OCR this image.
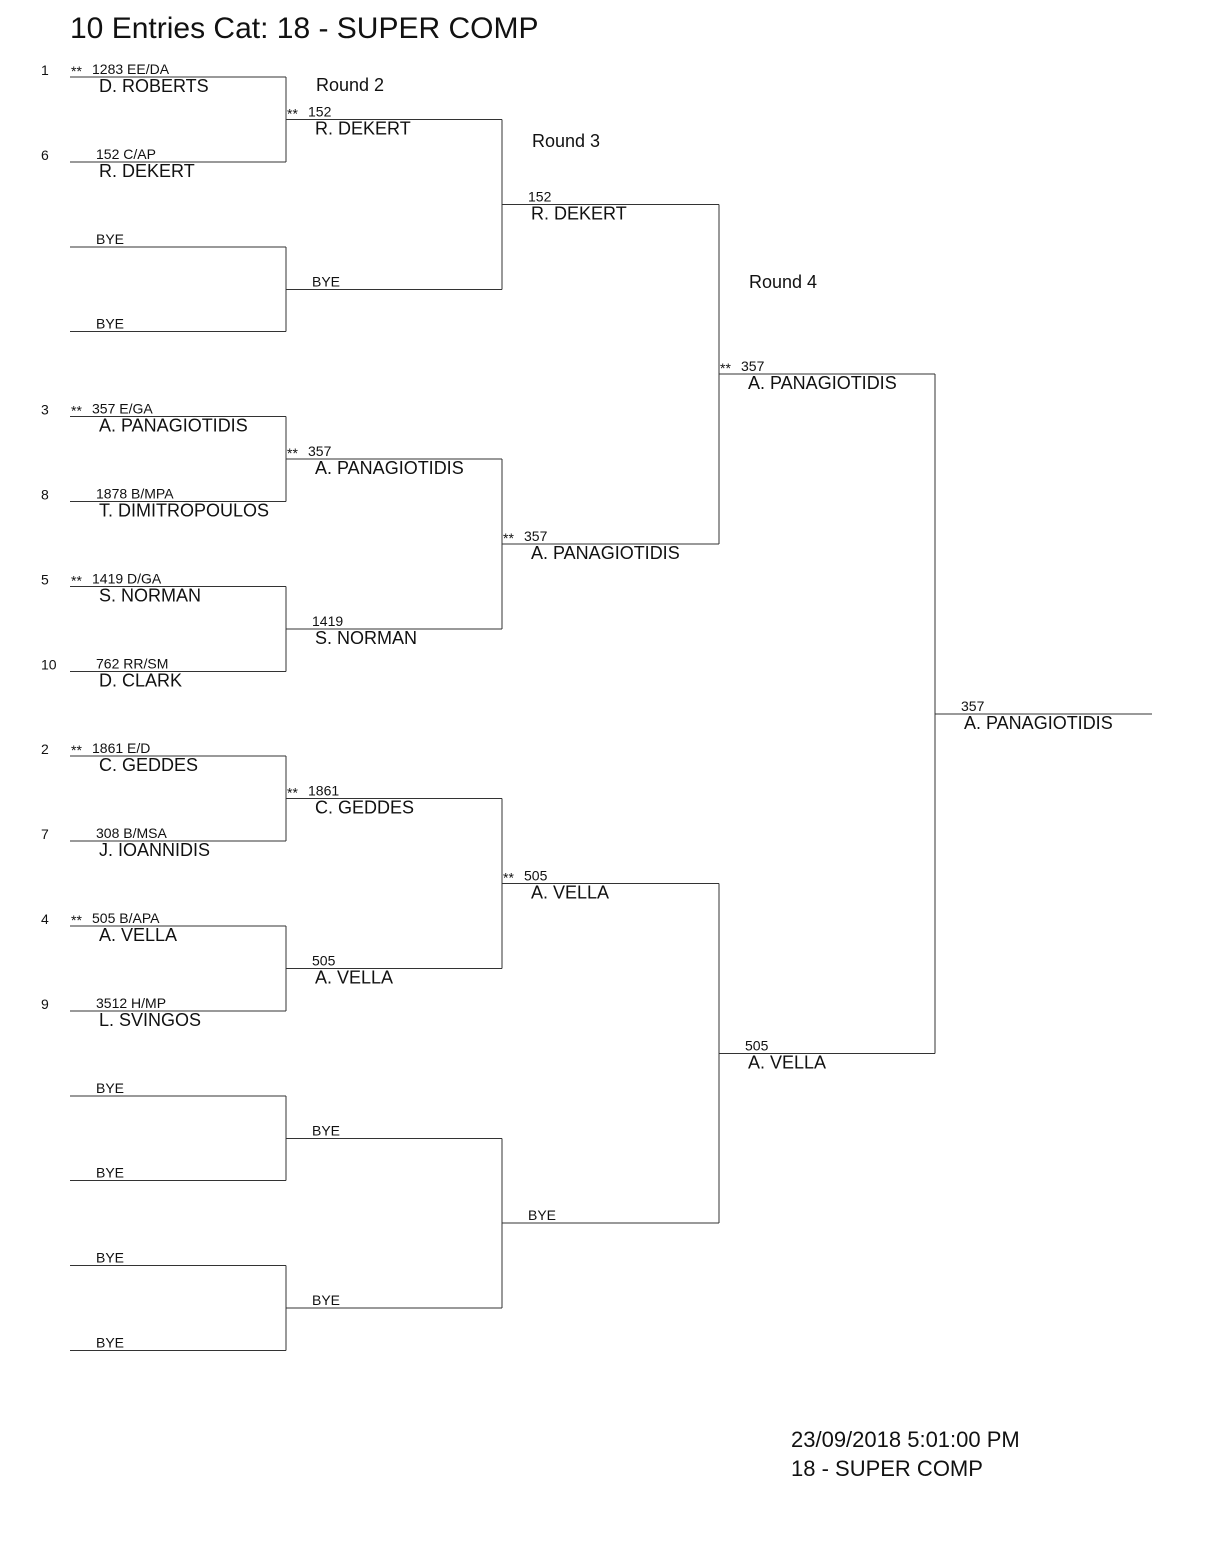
10 Entries Cat: 18 - SUPER COMP
1 ** 1283 EE/DA
D. ROBERTS
6	152 C/AP
R. DEKERT
BYE
BYE
3 ** 357 E/GA
A. PANAGIOTIDIS
8	1878 B/MPA
T. DIMITROPOULOS
5 ** 1419 D/GA
S. NORMAN
10	762 RR/SM
D. CLARK
2 ** 1861 E/D
C. GEDDES
7	308 B/MSA
J. IOANNIDIS
4 ** 505 B/APA
A. VELLA
9	3512 H/MP
L. SVINGOS
BYE
BYE
BYE
BYE
** 152
R. DEKERT
BYE
** 357
A. PANAGIOTIDIS
1419
S. NORMAN
** 1861
C. GEDDES
505
A. VELLA
BYE
BYE
152
R. DEKERT
** 357
A. PANAGIOTIDIS
** 505
A. VELLA
BYE
** 357
A. PANAGIOTIDIS
505
A. VELLA
357
A. PANAGIOTIDIS
Round 2
Round 3
Round 4
23/09/2018 5:01:00 PM
18 - SUPER COMP
